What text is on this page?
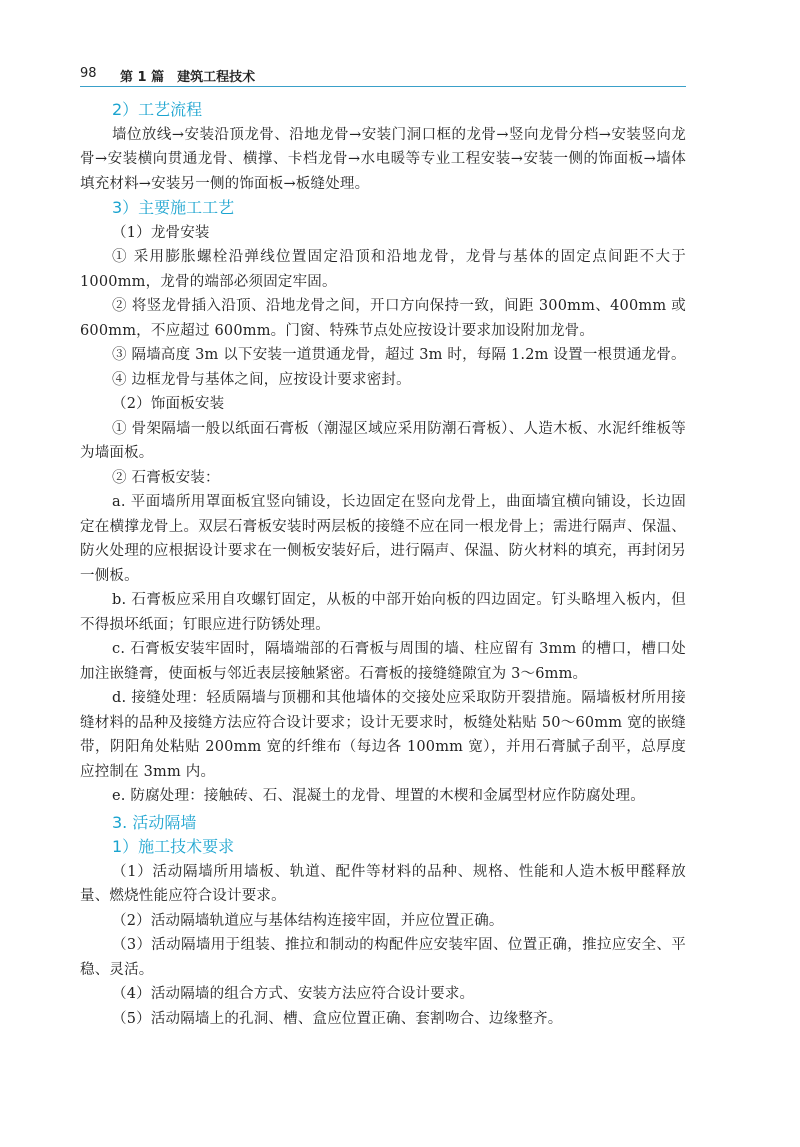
98 第 1 篇　建筑工程技术

2）工艺流程

墙位放线→安装沿顶龙骨、沿地龙骨→安装门洞口框的龙骨→竖向龙骨分档→安装竖向龙骨→安装横向贯通龙骨、横撑、卡档龙骨→水电暖等专业工程安装→安装一侧的饰面板→墙体填充材料→安装另一侧的饰面板→板缝处理。

3）主要施工工艺

（1）龙骨安装

① 采用膨胀螺栓沿弹线位置固定沿顶和沿地龙骨，龙骨与基体的固定点间距不大于 1000mm，龙骨的端部必须固定牢固。

② 将竖龙骨插入沿顶、沿地龙骨之间，开口方向保持一致，间距 300mm、400mm 或 600mm，不应超过 600mm。门窗、特殊节点处应按设计要求加设附加龙骨。

③ 隔墙高度 3m 以下安装一道贯通龙骨，超过 3m 时，每隔 1.2m 设置一根贯通龙骨。

④ 边框龙骨与基体之间，应按设计要求密封。

（2）饰面板安装

① 骨架隔墙一般以纸面石膏板（潮湿区域应采用防潮石膏板）、人造木板、水泥纤维板等为墙面板。

② 石膏板安装：

a. 平面墙所用罩面板宜竖向铺设，长边固定在竖向龙骨上，曲面墙宜横向铺设，长边固定在横撑龙骨上。双层石膏板安装时两层板的接缝不应在同一根龙骨上；需进行隔声、保温、防火处理的应根据设计要求在一侧板安装好后，进行隔声、保温、防火材料的填充，再封闭另一侧板。

b. 石膏板应采用自攻螺钉固定，从板的中部开始向板的四边固定。钉头略埋入板内，但不得损坏纸面；钉眼应进行防锈处理。

c. 石膏板安装牢固时，隔墙端部的石膏板与周围的墙、柱应留有 3mm 的槽口，槽口处加注嵌缝膏，使面板与邻近表层接触紧密。石膏板的接缝缝隙宜为 3～6mm。

d. 接缝处理：轻质隔墙与顶棚和其他墙体的交接处应采取防开裂措施。隔墙板材所用接缝材料的品种及接缝方法应符合设计要求；设计无要求时，板缝处粘贴 50～60mm 宽的嵌缝带，阴阳角处粘贴 200mm 宽的纤维布（每边各 100mm 宽），并用石膏腻子刮平，总厚度应控制在 3mm 内。

e. 防腐处理：接触砖、石、混凝土的龙骨、埋置的木楔和金属型材应作防腐处理。

3. 活动隔墙

1）施工技术要求

（1）活动隔墙所用墙板、轨道、配件等材料的品种、规格、性能和人造木板甲醛释放量、燃烧性能应符合设计要求。

（2）活动隔墙轨道应与基体结构连接牢固，并应位置正确。

（3）活动隔墙用于组装、推拉和制动的构配件应安装牢固、位置正确，推拉应安全、平稳、灵活。

（4）活动隔墙的组合方式、安装方法应符合设计要求。

（5）活动隔墙上的孔洞、槽、盒应位置正确、套割吻合、边缘整齐。
